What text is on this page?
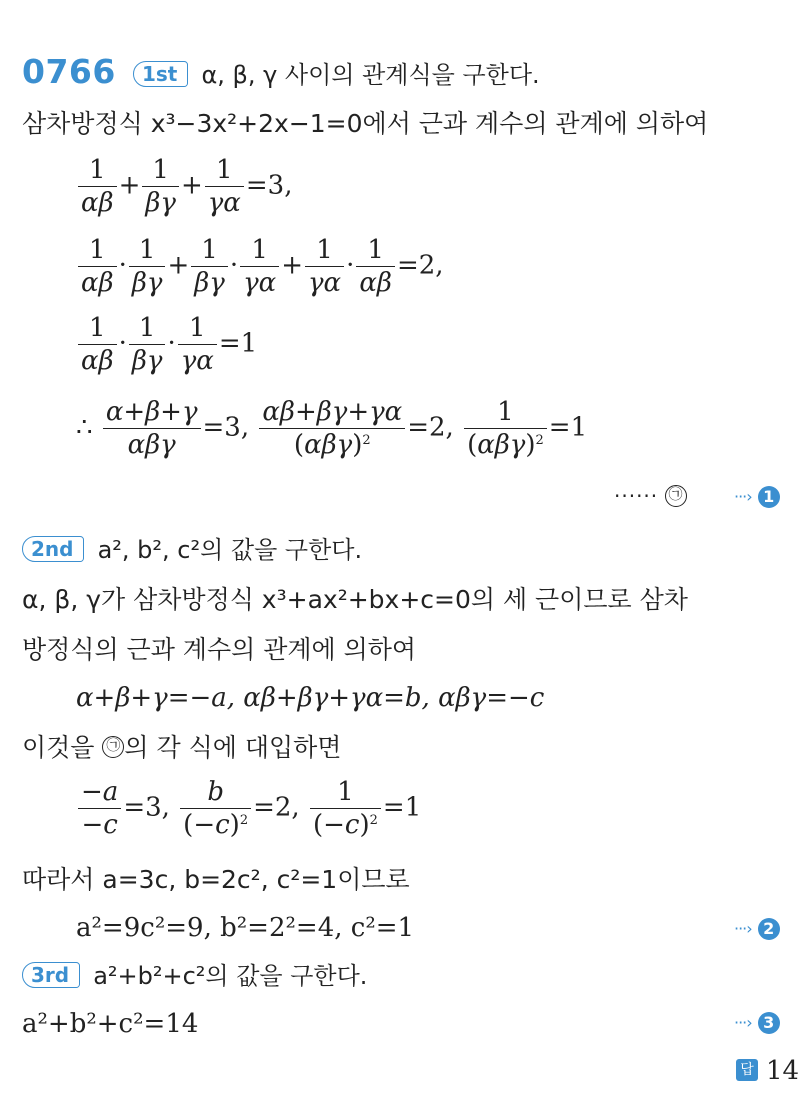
0766 1st α, β, γ 사이의 관계식을 구한다.
삼차방정식 x³−3x²+2x−1=0에서 근과 계수의 관계에 의하여
$\frac{1}{\alpha\beta} + \frac{1}{\beta\gamma} + \frac{1}{\gamma\alpha} =3$,
$\frac{1}{\alpha\beta} \cdot \frac{1}{\beta\gamma} + \frac{1}{\beta\gamma} \cdot \frac{1}{\gamma\alpha} + \frac{1}{\gamma\alpha} \cdot \frac{1}{\alpha\beta} =2$,
$\frac{1}{\alpha\beta} \cdot \frac{1}{\beta\gamma} \cdot \frac{1}{\gamma\alpha} =1$
∴ $\frac{\alpha+\beta+\gamma}{\text{αβγ}} =3$, $\frac{\alpha\beta+\beta\gamma+\gamma\alpha}{(\alpha\beta\gamma)^2} =2$, $\frac{1}{(\alpha\beta\gamma)^2} =1$
······ ㉠	···› 1
2nd a², b², c²의 값을 구한다.
α, β, γ가 삼차방정식 x³+ax²+bx+c=0의 세 근이므로 삼차
방정식의 근과 계수의 관계에 의하여
α+β+γ=−a, αβ+βγ+γα=b, αβγ=−c
이것을 ㉠ 의 각 식에 대입하면
$\frac{-a}{-c} =3$, $\frac{b}{(-c)^2} =2$, $\frac{1}{(-c)^2} =1$
따라서 a=3c, b=2c², c²=1이므로
a²=9c²=9, b²=2²=4, c²=1	···› 2
3rd a²+b²+c²의 값을 구한다.
a²+b²+c²=14	···› 3
답 14
